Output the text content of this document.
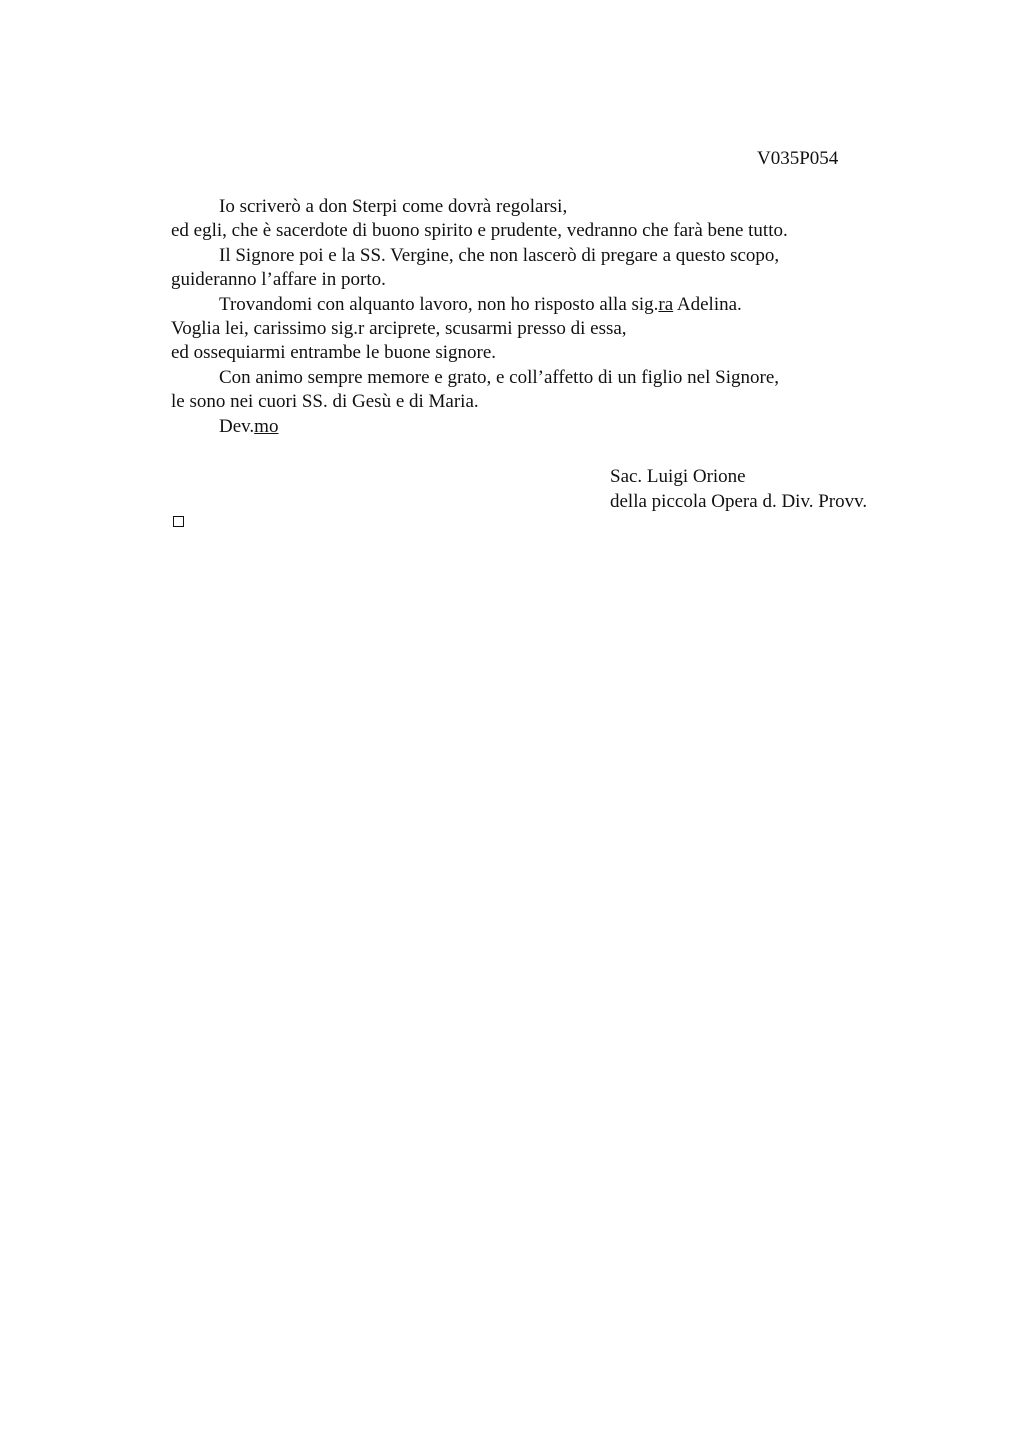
V035P054
Io scriverò a don Sterpi come dovrà regolarsi,
ed egli, che è sacerdote di buono spirito e prudente, vedranno che farà bene tutto.
Il Signore poi e la SS. Vergine, che non lascerò di pregare a questo scopo,
guideranno l’affare in porto.
Trovandomi con alquanto lavoro, non ho risposto alla sig.ra Adelina.
Voglia lei, carissimo sig.r arciprete, scusarmi presso di essa,
ed ossequiarmi entrambe le buone signore.
Con animo sempre memore e grato, e coll’affetto di un figlio nel Signore,
le sono nei cuori SS. di Gesù e di Maria.
Dev.mo
Sac. Luigi Orione
della piccola Opera d. Div. Provv.
